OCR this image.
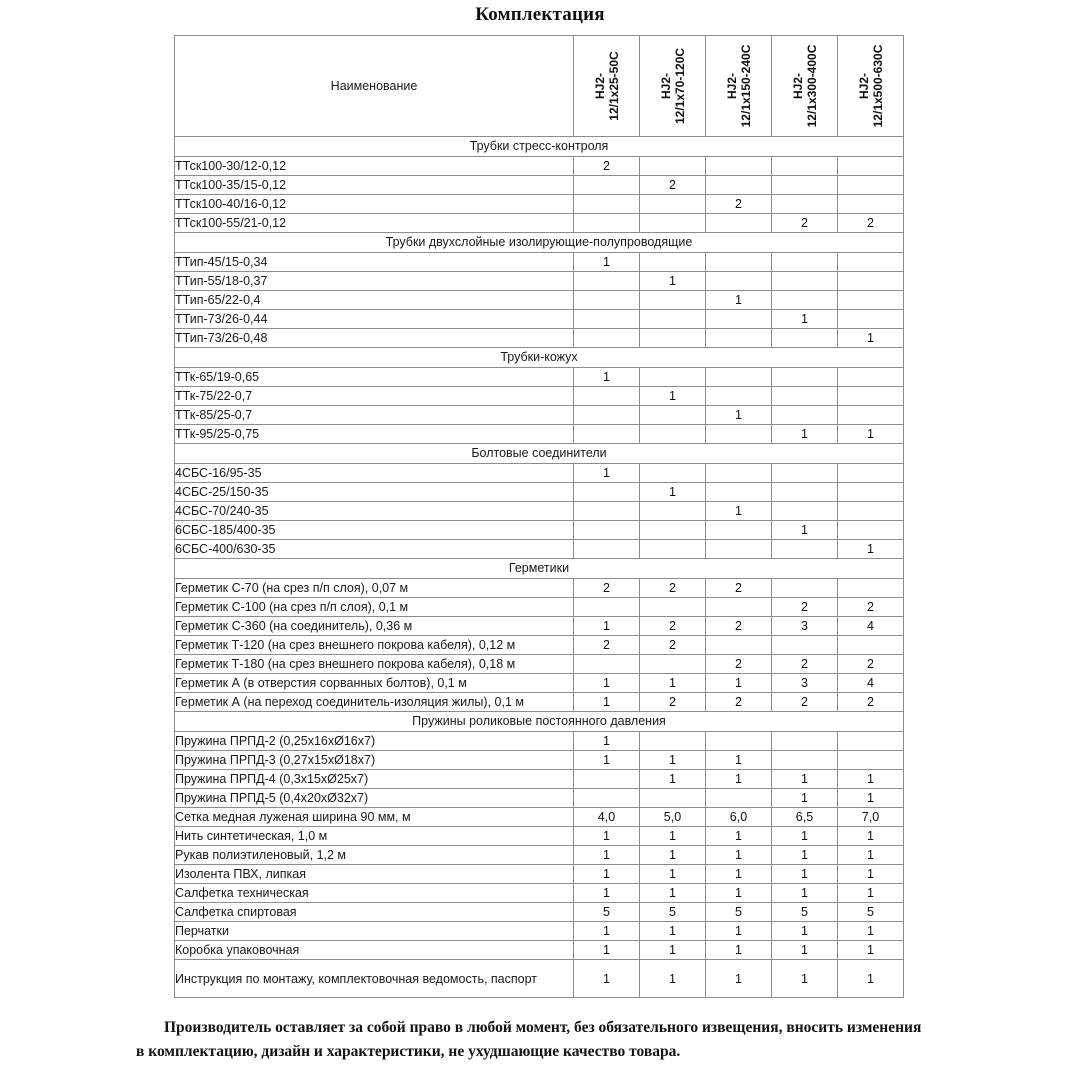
Комплектация
Наименование	HJ2- 12/1x25-50C	HJ2- 12/1x70-120C	HJ2- 12/1x150-240C	HJ2- 12/1x300-400C	HJ2- 12/1x500-630C

Трубки стресс-контроля					
ТТск100-30/12-0,12	2				
ТТск100-35/15-0,12		2			
ТТск100-40/16-0,12			2		
ТТск100-55/21-0,12				2	2
Трубки двухслойные изолирующие-полупроводящие					
ТТип-45/15-0,34	1				
ТТип-55/18-0,37		1			
ТТип-65/22-0,4			1		
ТТип-73/26-0,44				1	
ТТип-73/26-0,48					1
Трубки-кожух					
ТТк-65/19-0,65	1				
ТТк-75/22-0,7		1			
ТТк-85/25-0,7			1		
ТТк-95/25-0,75				1	1
Болтовые соединители					
4СБС-16/95-35	1				
4СБС-25/150-35		1			
4СБС-70/240-35			1		
6СБС-185/400-35				1	
6СБС-400/630-35					1
Герметики					
Герметик С-70 (на срез п/п слоя), 0,07 м	2	2	2		
Герметик С-100 (на срез п/п слоя), 0,1 м				2	2
Герметик С-360 (на соединитель), 0,36 м	1	2	2	3	4
Герметик Т-120 (на срез внешнего покрова кабеля), 0,12 м	2	2			
Герметик Т-180 (на срез внешнего покрова кабеля), 0,18 м			2	2	2
Герметик А (в отверстия сорванных болтов), 0,1 м	1	1	1	3	4
Герметик А (на переход соединитель-изоляция жилы), 0,1 м	1	2	2	2	2
Пружины роликовые постоянного давления					
Пружина ПРПД-2 (0,25x16xØ16x7)	1				
Пружина ПРПД-3 (0,27x15xØ18x7)	1	1	1		
Пружина ПРПД-4 (0,3x15xØ25x7)		1	1	1	1
Пружина ПРПД-5 (0,4x20xØ32x7)				1	1
Сетка медная луженая ширина 90 мм, м	4,0	5,0	6,0	6,5	7,0
Нить синтетическая, 1,0 м	1	1	1	1	1
Рукав полиэтиленовый, 1,2 м	1	1	1	1	1
Изолента ПВХ, липкая	1	1	1	1	1
Салфетка техническая	1	1	1	1	1
Салфетка спиртовая	5	5	5	5	5
Перчатки	1	1	1	1	1
Коробка упаковочная	1	1	1	1	1
Инструкция по монтажу, комплектовочная ведомость, паспорт	1	1	1	1	1
Производитель оставляет за собой право в любой момент, без обязательного извещения, вносить изменения
в комплектацию, дизайн и характеристики, не ухудшающие качество товара.
